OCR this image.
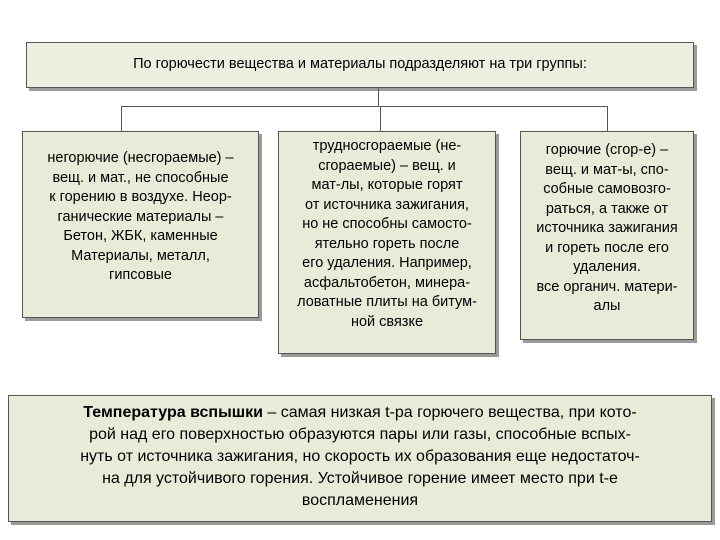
По горючести вещества и материалы подразделяют на три группы:
негорючие (несгораемые) –
вещ. и мат., не способные
к горению в воздухе. Неор-
ганические материалы –
Бетон, ЖБК, каменные
Материалы, металл,
гипсовые
трудносгораемые (не-
сгораемые) – вещ. и
мат-лы, которые горят
от источника зажигания,
но не способны самосто-
ятельно гореть после
его удаления. Например,
асфальтобетон, минера-
ловатные плиты на битум-
ной связке
горючие (сгор-е) –
вещ. и мат-ы, спо-
собные самовозго-
раться, а также от
источника зажигания
и гореть после его
удаления.
все органич. матери-
алы
Температура вспышки – самая низкая t-ра горючего вещества, при кото-
рой над его поверхностью образуются пары или газы, способные вспых-
нуть от источника зажигания, но скорость их образования еще недостаточ-
на для устойчивого горения. Устойчивое горение имеет место при t-е
воспламенения
